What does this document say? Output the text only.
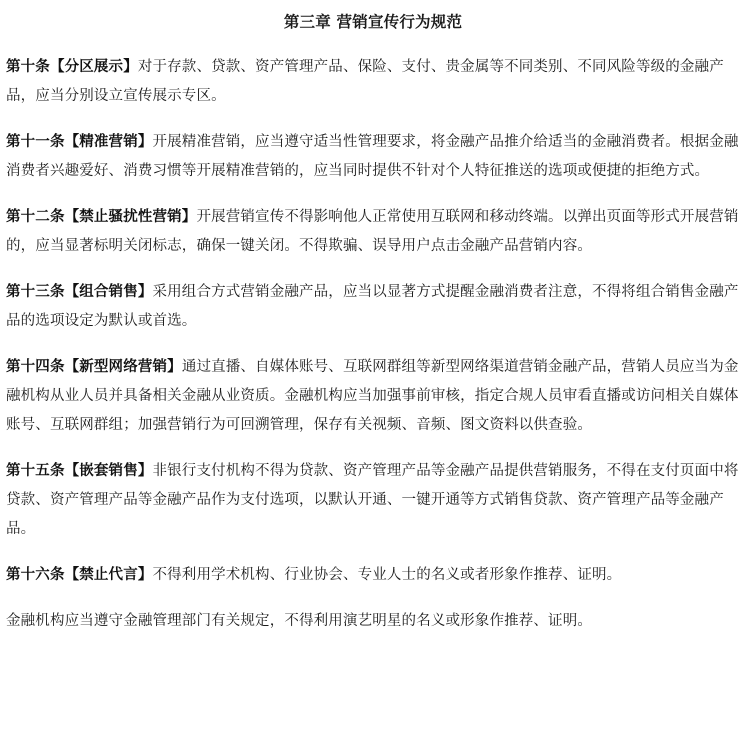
第三章 营销宣传行为规范

第十条【分区展示】对于存款、贷款、资产管理产品、保险、支付、贵金属等不同类别、不同风险等级的金融产品，应当分别设立宣传展示专区。

第十一条【精准营销】开展精准营销，应当遵守适当性管理要求，将金融产品推介给适当的金融消费者。根据金融消费者兴趣爱好、消费习惯等开展精准营销的，应当同时提供不针对个人特征推送的选项或便捷的拒绝方式。

第十二条【禁止骚扰性营销】开展营销宣传不得影响他人正常使用互联网和移动终端。以弹出页面等形式开展营销的，应当显著标明关闭标志，确保一键关闭。不得欺骗、误导用户点击金融产品营销内容。

第十三条【组合销售】采用组合方式营销金融产品，应当以显著方式提醒金融消费者注意，不得将组合销售金融产品的选项设定为默认或首选。

第十四条【新型网络营销】通过直播、自媒体账号、互联网群组等新型网络渠道营销金融产品，营销人员应当为金融机构从业人员并具备相关金融从业资质。金融机构应当加强事前审核，指定合规人员审看直播或访问相关自媒体账号、互联网群组；加强营销行为可回溯管理，保存有关视频、音频、图文资料以供查验。

第十五条【嵌套销售】非银行支付机构不得为贷款、资产管理产品等金融产品提供营销服务，不得在支付页面中将贷款、资产管理产品等金融产品作为支付选项，以默认开通、一键开通等方式销售贷款、资产管理产品等金融产品。

第十六条【禁止代言】不得利用学术机构、行业协会、专业人士的名义或者形象作推荐、证明。

金融机构应当遵守金融管理部门有关规定，不得利用演艺明星的名义或形象作推荐、证明。
